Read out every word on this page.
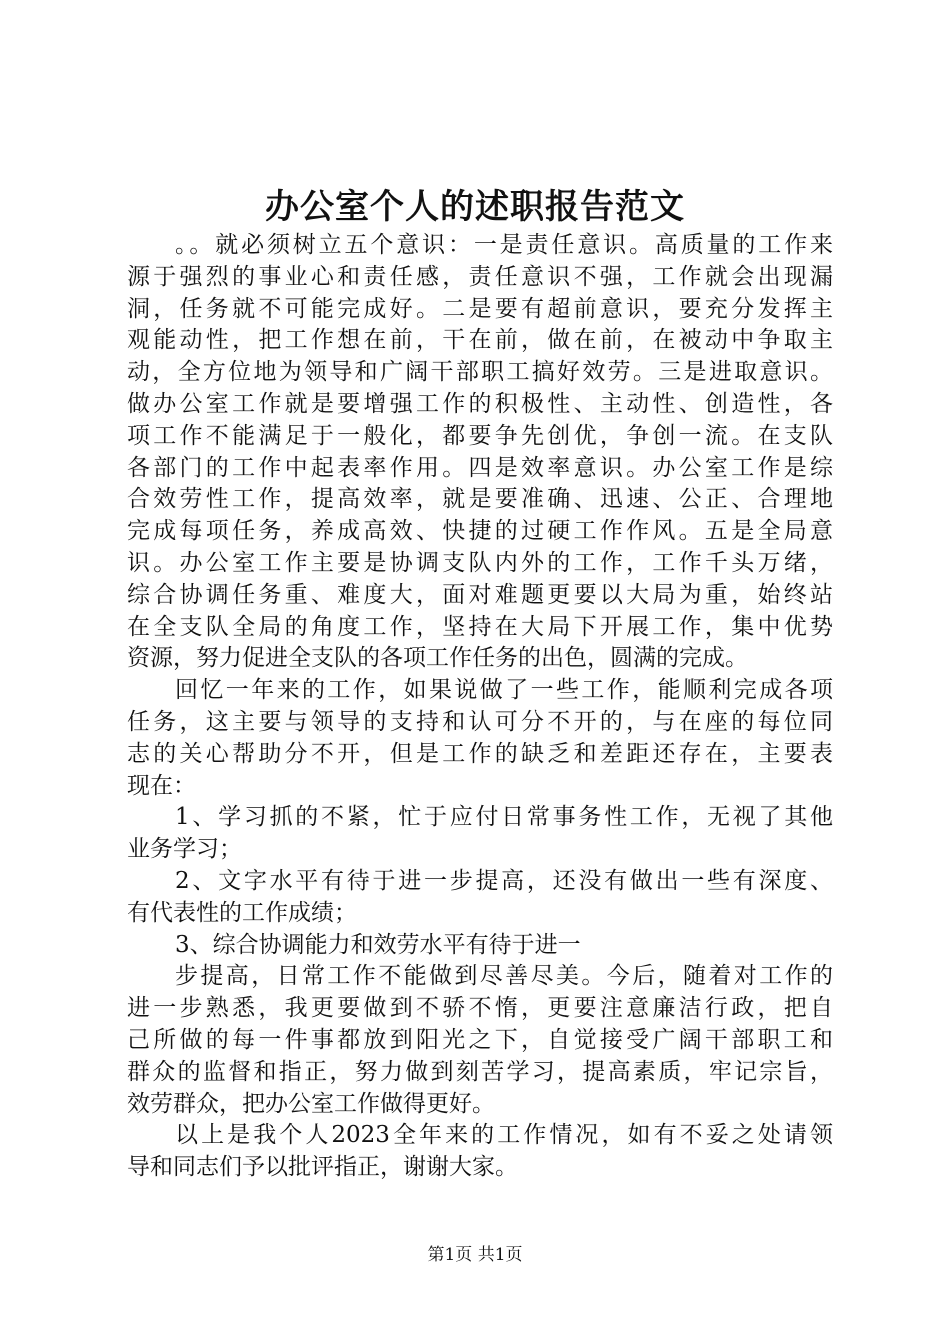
办公室个人的述职报告范文
。。就必须树立五个意识：一是责任意识。高质量的工作来
源于强烈的事业心和责任感，责任意识不强，工作就会出现漏
洞，任务就不可能完成好。二是要有超前意识，要充分发挥主
观能动性，把工作想在前，干在前，做在前，在被动中争取主
动，全方位地为领导和广阔干部职工搞好效劳。三是进取意识。
做办公室工作就是要增强工作的积极性、主动性、创造性，各
项工作不能满足于一般化，都要争先创优，争创一流。在支队
各部门的工作中起表率作用。四是效率意识。办公室工作是综
合效劳性工作，提高效率，就是要准确、迅速、公正、合理地
完成每项任务，养成高效、快捷的过硬工作作风。五是全局意
识。办公室工作主要是协调支队内外的工作，工作千头万绪，
综合协调任务重、难度大，面对难题更要以大局为重，始终站
在全支队全局的角度工作，坚持在大局下开展工作，集中优势
资源，努力促进全支队的各项工作任务的出色，圆满的完成。
回忆一年来的工作，如果说做了一些工作，能顺利完成各项
任务，这主要与领导的支持和认可分不开的，与在座的每位同
志的关心帮助分不开，但是工作的缺乏和差距还存在，主要表
现在：
1、学习抓的不紧，忙于应付日常事务性工作，无视了其他
业务学习；
2、文字水平有待于进一步提高，还没有做出一些有深度、
有代表性的工作成绩；
3、综合协调能力和效劳水平有待于进一
步提高，日常工作不能做到尽善尽美。今后，随着对工作的
进一步熟悉，我更要做到不骄不惰，更要注意廉洁行政，把自
己所做的每一件事都放到阳光之下，自觉接受广阔干部职工和
群众的监督和指正，努力做到刻苦学习，提高素质，牢记宗旨，
效劳群众，把办公室工作做得更好。
以上是我个人2023全年来的工作情况，如有不妥之处请领
导和同志们予以批评指正，谢谢大家。
第1页 共1页
